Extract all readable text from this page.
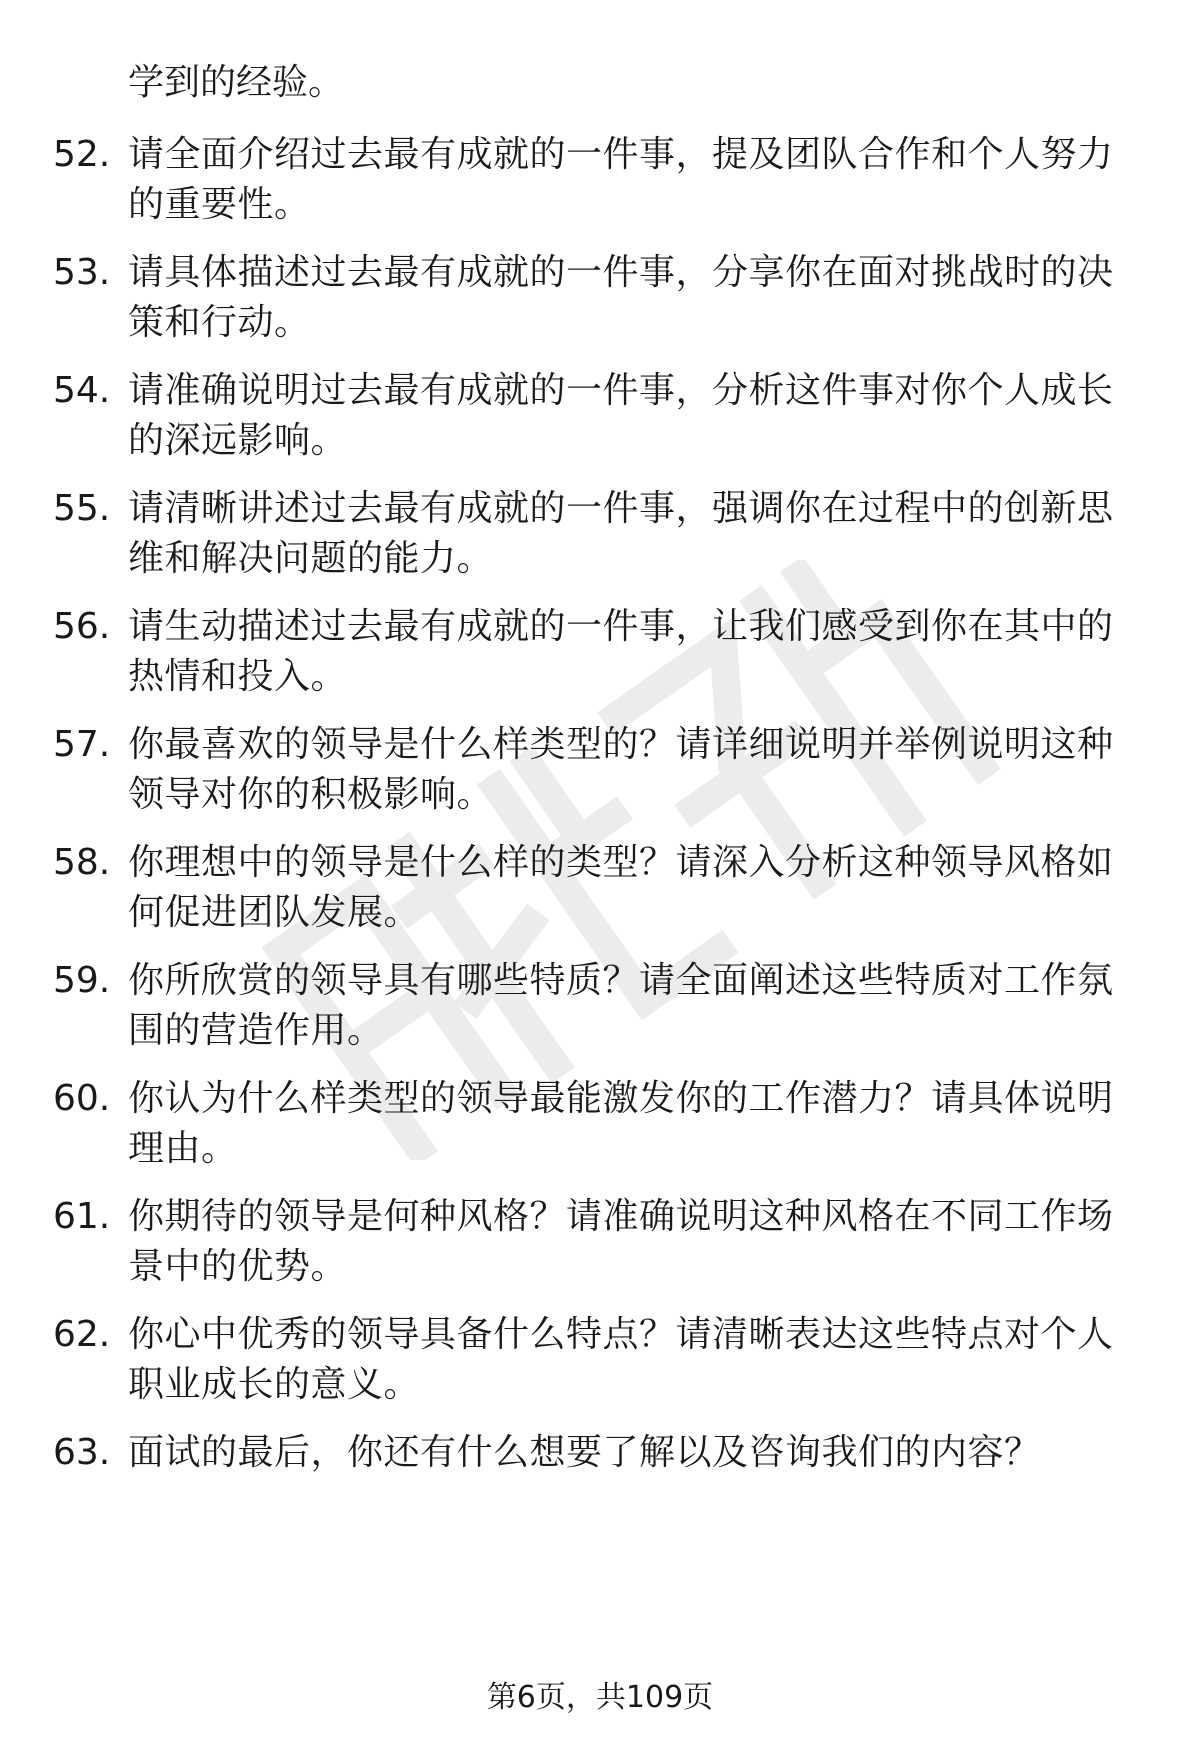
学到的经验。

52. 请全面介绍过去最有成就的一件事，提及团队合作和个人努力的重要性。
53. 请具体描述过去最有成就的一件事，分享你在面对挑战时的决策和行动。
54. 请准确说明过去最有成就的一件事，分析这件事对你个人成长的深远影响。
55. 请清晰讲述过去最有成就的一件事，强调你在过程中的创新思维和解决问题的能力。
56. 请生动描述过去最有成就的一件事，让我们感受到你在其中的热情和投入。
57. 你最喜欢的领导是什么样类型的？请详细说明并举例说明这种领导对你的积极影响。
58. 你理想中的领导是什么样的类型？请深入分析这种领导风格如何促进团队发展。
59. 你所欣赏的领导具有哪些特质？请全面阐述这些特质对工作氛围的营造作用。
60. 你认为什么样类型的领导最能激发你的工作潜力？请具体说明理由。
61. 你期待的领导是何种风格？请准确说明这种风格在不同工作场景中的优势。
62. 你心中优秀的领导具备什么特点？请清晰表达这些特点对个人职业成长的意义。
63. 面试的最后，你还有什么想要了解以及咨询我们的内容？
第6页，共109页
